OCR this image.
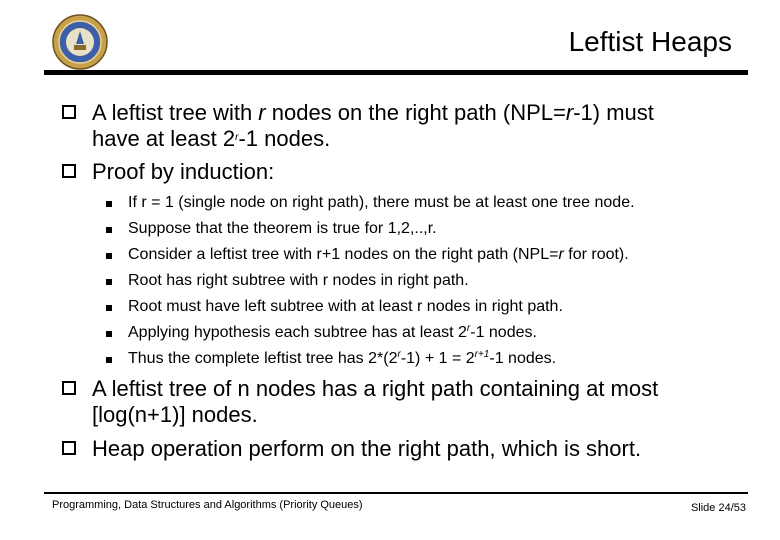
Leftist Heaps
A leftist tree with r nodes on the right path (NPL=r-1) must
have at least 2$^r$-1 nodes.
Proof by induction:
If r = 1 (single node on right path), there must be at least one tree node.
Suppose that the theorem is true for 1,2,..,r.
Consider a leftist tree with r+1 nodes on the right path (NPL=r for root).
Root has right subtree with r nodes in right path.
Root must have left subtree with at least r nodes in right path.
Applying hypothesis each subtree has at least 2$^r$-1 nodes.
Thus the complete leftist tree has $2*(2^r-1) + 1 = 2^{r+1}-1$ nodes.
A leftist tree of n nodes has a right path containing at most
[log(n+1)] nodes.
Heap operation perform on the right path, which is short.
Programming, Data Structures and Algorithms (Priority Queues)	Slide 24/53
